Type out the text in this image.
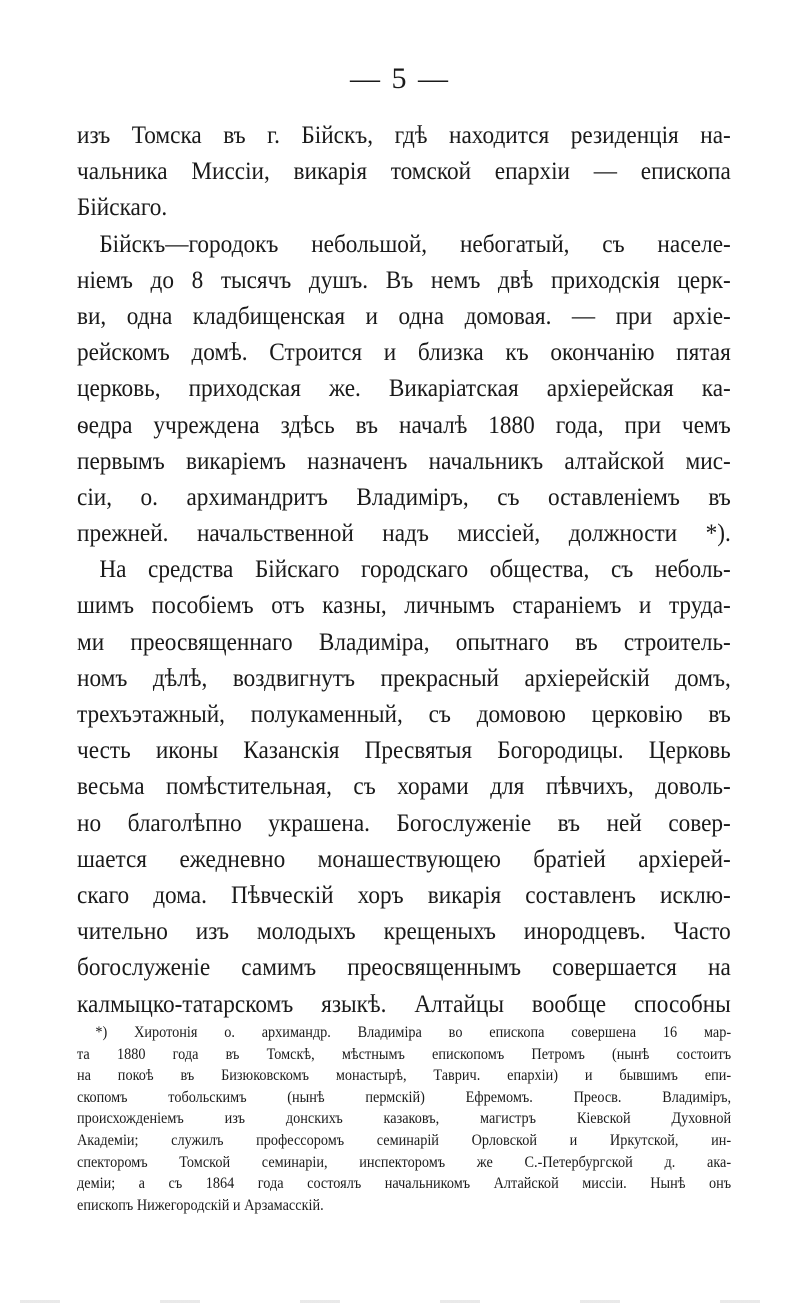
— 5 —
изъ Томска въ г. Бійскъ, гдѣ находится резиденція на-
чальника Миссіи, викарія томской епархіи — епископа
Бійскаго.
Бійскъ—городокъ небольшой, небогатый, съ населе-
ніемъ до 8 тысячъ душъ. Въ немъ двѣ приходскія церк-
ви, одна кладбищенская и одна домовая. — при архіе-
рейскомъ домѣ. Строится и близка къ окончанію пятая
церковь, приходская же. Викаріатская архіерейская ка-
ѳедра учреждена здѣсь въ началѣ 1880 года, при чемъ
первымъ викаріемъ назначенъ начальникъ алтайской мис-
сіи, о. архимандритъ Владиміръ, съ оставленіемъ въ
прежней. начальственной надъ миссіей, должности *).
На средства Бійскаго городскаго общества, съ неболь-
шимъ пособіемъ отъ казны, личнымъ стараніемъ и труда-
ми преосвященнаго Владиміра, опытнаго въ строитель-
номъ дѣлѣ, воздвигнутъ прекрасный архіерейскій домъ,
трехъэтажный, полукаменный, съ домовою церковію въ
честь иконы Казанскія Пресвятыя Богородицы. Церковь
весьма помѣстительная, съ хорами для пѣвчихъ, доволь-
но благолѣпно украшена. Богослуженіе въ ней совер-
шается ежедневно монашествующею братіей архіерей-
скаго дома. Пѣвческій хоръ викарія составленъ исклю-
чительно изъ молодыхъ крещеныхъ инородцевъ. Часто
богослуженіе самимъ преосвященнымъ совершается на
калмыцко-татарскомъ языкѣ. Алтайцы вообще способны
*) Хиротонія о. архимандр. Владиміра во епископа совершена 16 мар-
та 1880 года въ Томскѣ, мѣстнымъ епископомъ Петромъ (нынѣ состоитъ
на покоѣ въ Бизюковскомъ монастырѣ, Таврич. епархіи) и бывшимъ епи-
скопомъ тобольскимъ (нынѣ пермскій) Ефремомъ. Преосв. Владиміръ,
происхожденіемъ изъ донскихъ казаковъ, магистръ Кіевской Духовной
Академіи; служилъ профессоромъ семинарій Орловской и Иркутской, ин-
спекторомъ Томской семинаріи, инспекторомъ же С.-Петербургской д. ака-
деміи; а съ 1864 года состоялъ начальникомъ Алтайской миссіи. Нынѣ онъ
епископъ Нижегородскій и Арзамасскій.
